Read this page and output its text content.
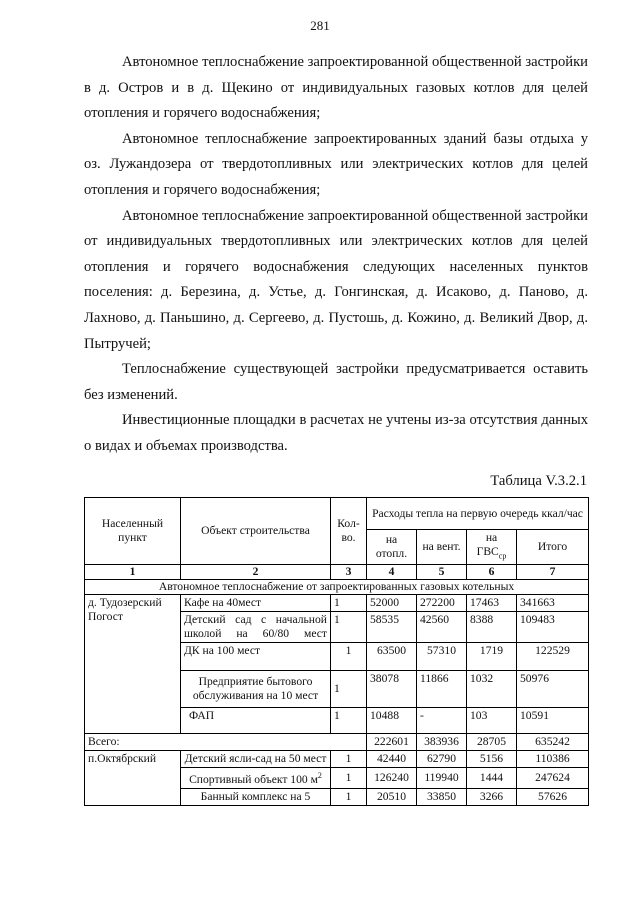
281

Автономное теплоснабжение запроектированной общественной застройки в д. Остров и в д. Щекино от индивидуальных газовых котлов для целей отопления и горячего водоснабжения;

Автономное теплоснабжение запроектированных зданий базы отдыха у оз. Лужандозера от твердотопливных или электрических котлов для целей отопления и горячего водоснабжения;

Автономное теплоснабжение запроектированной общественной застройки от индивидуальных твердотопливных или электрических котлов для целей отопления и горячего водоснабжения следующих населенных пунктов поселения: д. Березина, д. Устье, д. Гонгинская, д. Исаково, д. Паново, д. Лахново, д. Паньшино, д. Сергеево, д. Пустошь, д. Кожино, д. Великий Двор, д. Пытручей;

Теплоснабжение существующей застройки предусматривается оставить без изменений.

Инвестиционные площадки в расчетах не учтены из-за отсутствия данных о видах и объемах производства.

Таблица V.3.2.1
Населенный пункт	Объект строительства	Кол-во.	Расходы тепла на первую очередь ккал/час			
			на отопл.	на вент.	на $ГВС_{ср}$	Итого
1	2	3	4	5	6	7
Автономное теплоснабжение от запроектированных газовых котельных						
д. Тудозерский Погост	Кафе на 40мест	1	52000	272200	17463	341663
	Детский сад с начальной школой на 60/80 мест	1	58535	42560	8388	109483
	ДК на 100 мест	1	63500	57310	1719	122529
	Предприятие бытового обслуживания на 10 мест	1	38078	11866	1032	50976
	ФАП	1	10488	-	103	10591
Всего:			222601	383936	28705	635242
п.Октябрский	Детский ясли-сад на 50 мест	1	42440	62790	5156	110386
	Спортивный объект 100 $м^2$	1	126240	119940	1444	247624
	Банный комплекс на 5	1	20510	33850	3266	57626
